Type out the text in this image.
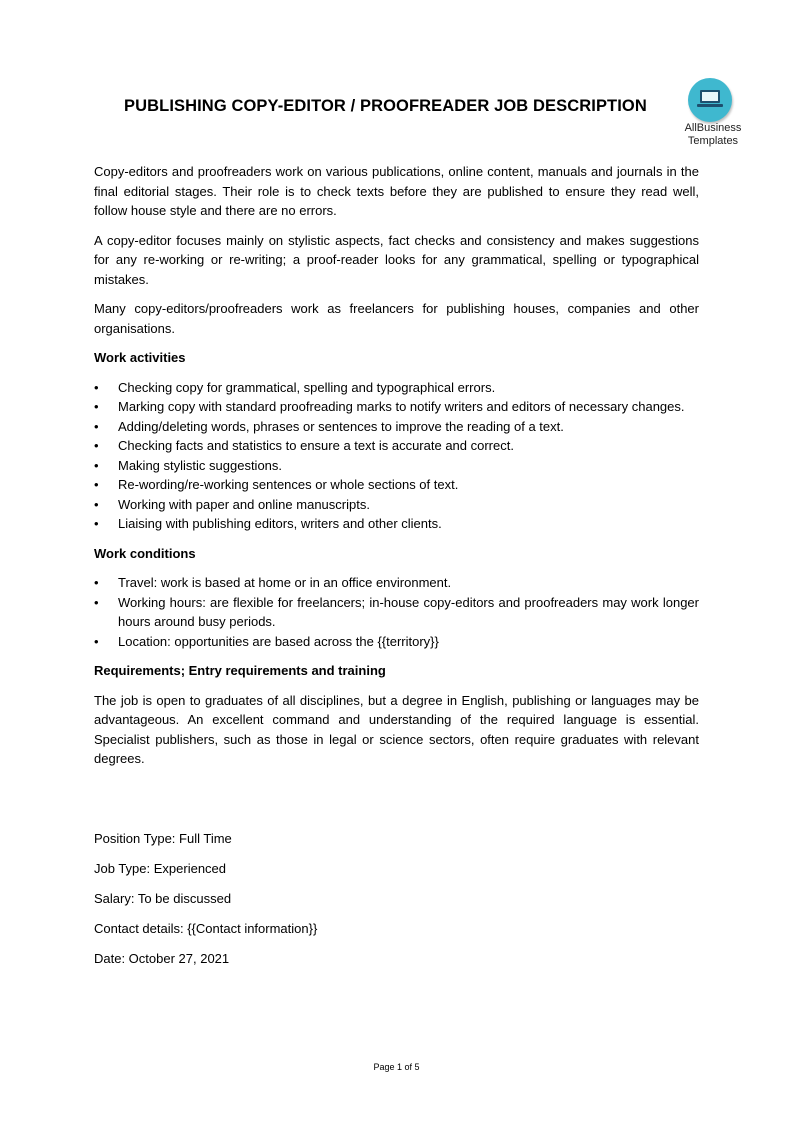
PUBLISHING COPY-EDITOR / PROOFREADER JOB DESCRIPTION
AllBusiness
Templates

Copy-editors and proofreaders work on various publications, online content, manuals and journals in the final editorial stages. Their role is to check texts before they are published to ensure they read well, follow house style and there are no errors.

A copy-editor focuses mainly on stylistic aspects, fact checks and consistency and makes suggestions for any re-working or re-writing; a proof-reader looks for any grammatical, spelling or typographical mistakes.

Many copy-editors/proofreaders work as freelancers for publishing houses, companies and other organisations.

Work activities
• Checking copy for grammatical, spelling and typographical errors.
• Marking copy with standard proofreading marks to notify writers and editors of necessary changes.
• Adding/deleting words, phrases or sentences to improve the reading of a text.
• Checking facts and statistics to ensure a text is accurate and correct.
• Making stylistic suggestions.
• Re-wording/re-working sentences or whole sections of text.
• Working with paper and online manuscripts.
• Liaising with publishing editors, writers and other clients.
Work conditions
• Travel: work is based at home or in an office environment.
• Working hours: are flexible for freelancers; in-house copy-editors and proofreaders may work longer hours around busy periods.
• Location: opportunities are based across the {{territory}}
Requirements; Entry requirements and training

The job is open to graduates of all disciplines, but a degree in English, publishing or languages may be advantageous. An excellent command and understanding of the required language is essential. Specialist publishers, such as those in legal or science sectors, often require graduates with relevant degrees.

Position Type: Full Time
Job Type: Experienced
Salary: To be discussed
Contact details: {{Contact information}}
Date: October 27, 2021
Page 1 of 5
